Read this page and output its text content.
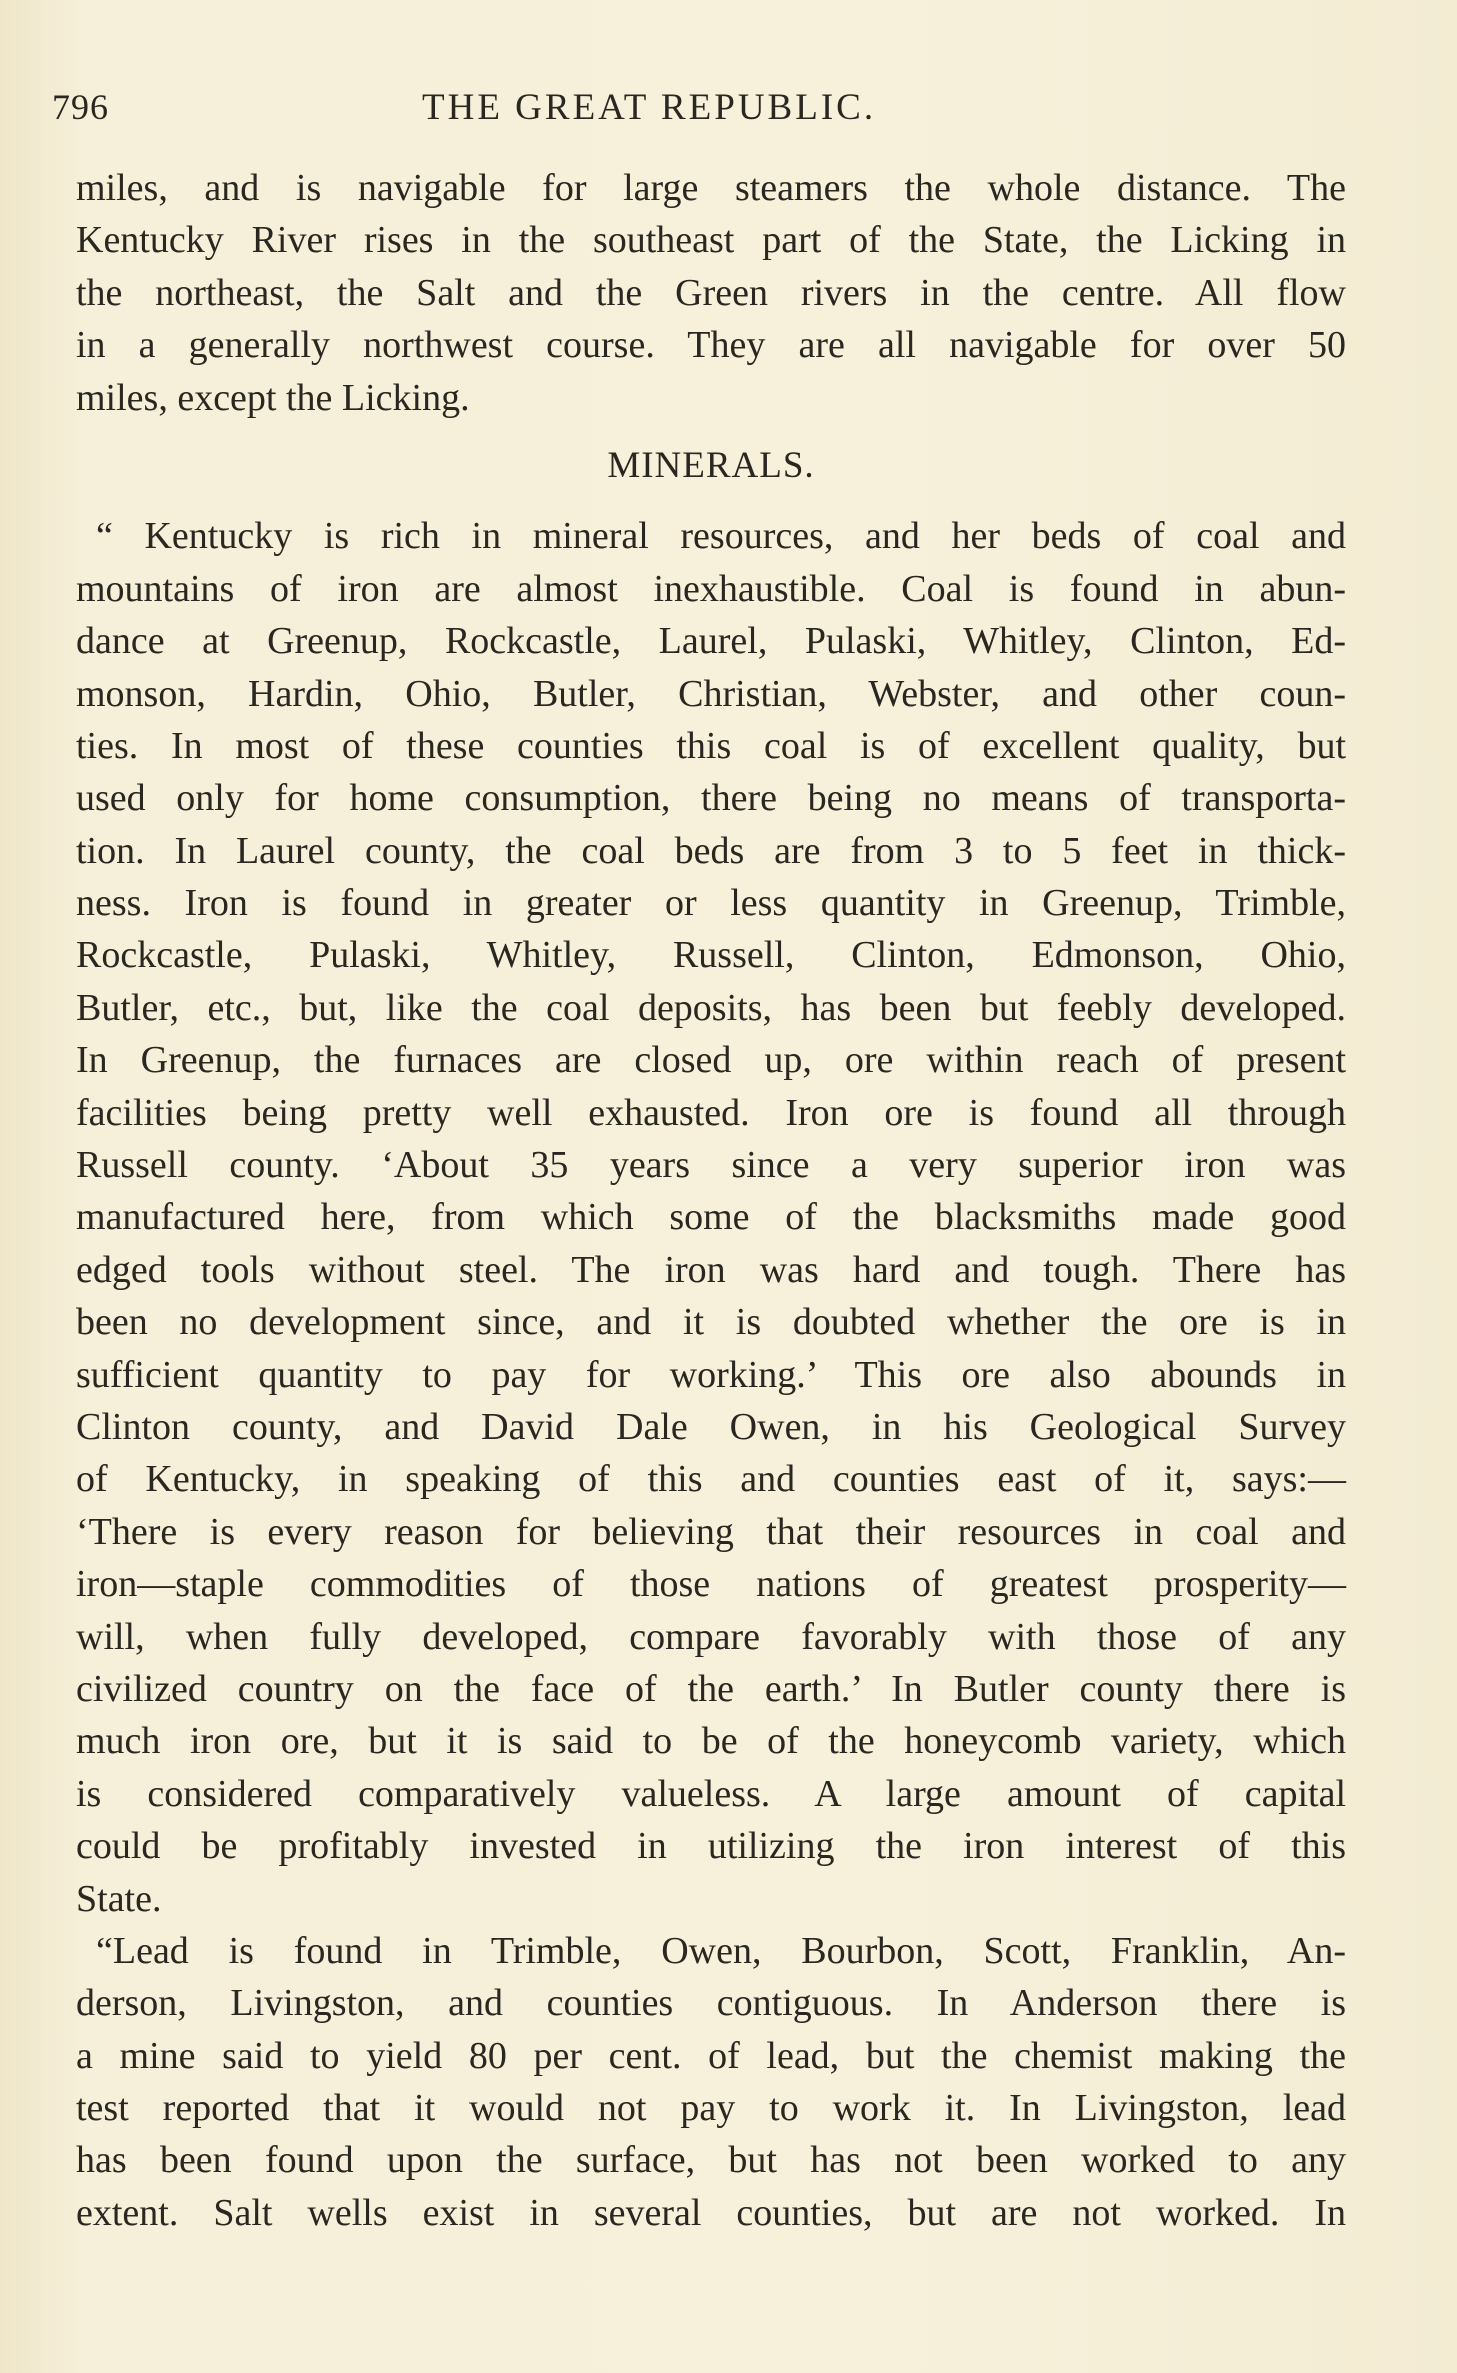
796	THE GREAT REPUBLIC.
miles, and is navigable for large steamers the whole distance. The
Kentucky River rises in the southeast part of the State, the Licking in
the northeast, the Salt and the Green rivers in the centre. All flow
in a generally northwest course. They are all navigable for over 50
miles, except the Licking.
MINERALS.
“ Kentucky is rich in mineral resources, and her beds of coal and
mountains of iron are almost inexhaustible. Coal is found in abun-
dance at Greenup, Rockcastle, Laurel, Pulaski, Whitley, Clinton, Ed-
monson, Hardin, Ohio, Butler, Christian, Webster, and other coun-
ties. In most of these counties this coal is of excellent quality, but
used only for home consumption, there being no means of transporta-
tion. In Laurel county, the coal beds are from 3 to 5 feet in thick-
ness. Iron is found in greater or less quantity in Greenup, Trimble,
Rockcastle, Pulaski, Whitley, Russell, Clinton, Edmonson, Ohio,
Butler, etc., but, like the coal deposits, has been but feebly developed.
In Greenup, the furnaces are closed up, ore within reach of present
facilities being pretty well exhausted. Iron ore is found all through
Russell county. ‘About 35 years since a very superior iron was
manufactured here, from which some of the blacksmiths made good
edged tools without steel. The iron was hard and tough. There has
been no development since, and it is doubted whether the ore is in
sufficient quantity to pay for working.’ This ore also abounds in
Clinton county, and David Dale Owen, in his Geological Survey
of Kentucky, in speaking of this and counties east of it, says:—
‘There is every reason for believing that their resources in coal and
iron—staple commodities of those nations of greatest prosperity—
will, when fully developed, compare favorably with those of any
civilized country on the face of the earth.’ In Butler county there is
much iron ore, but it is said to be of the honeycomb variety, which
is considered comparatively valueless. A large amount of capital
could be profitably invested in utilizing the iron interest of this
State.
“Lead is found in Trimble, Owen, Bourbon, Scott, Franklin, An-
derson, Livingston, and counties contiguous. In Anderson there is
a mine said to yield 80 per cent. of lead, but the chemist making the
test reported that it would not pay to work it. In Livingston, lead
has been found upon the surface, but has not been worked to any
extent. Salt wells exist in several counties, but are not worked. In
